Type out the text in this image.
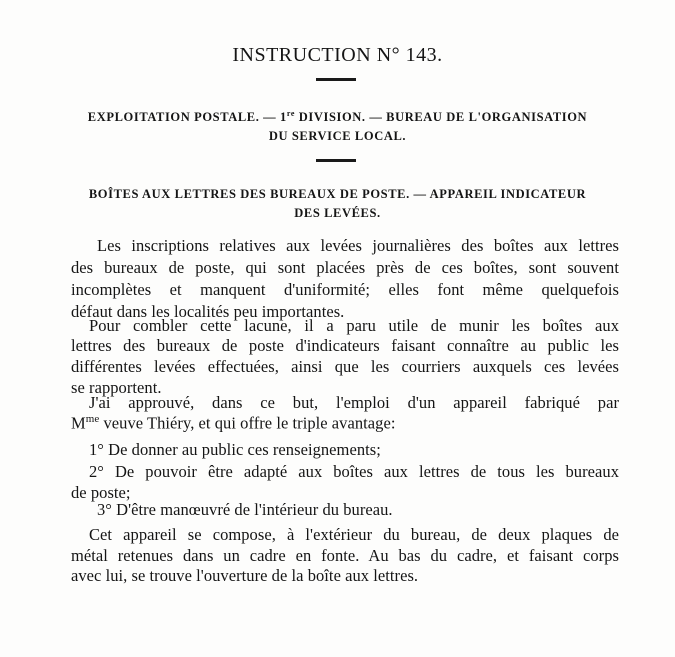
INSTRUCTION N° 143.

EXPLOITATION POSTALE. — 1re DIVISION. — BUREAU DE L'ORGANISATION

DU SERVICE LOCAL.

BOÎTES AUX LETTRES DES BUREAUX DE POSTE. — APPAREIL INDICATEUR

DES LEVÉES.

Les inscriptions relatives aux levées journalières des boîtes aux lettres

des bureaux de poste, qui sont placées près de ces boîtes, sont souvent

incomplètes et manquent d'uniformité; elles font même quelquefois

défaut dans les localités peu importantes.

Pour combler cette lacune, il a paru utile de munir les boîtes aux

lettres des bureaux de poste d'indicateurs faisant connaître au public les

différentes levées effectuées, ainsi que les courriers auxquels ces levées

se rapportent.

J'ai approuvé, dans ce but, l'emploi d'un appareil fabriqué par

$M^{me}$ veuve Thiéry, et qui offre le triple avantage:

1° De donner au public ces renseignements;

2° De pouvoir être adapté aux boîtes aux lettres de tous les bureaux

de poste;

3° D'être manœuvré de l'intérieur du bureau.

Cet appareil se compose, à l'extérieur du bureau, de deux plaques de

métal retenues dans un cadre en fonte. Au bas du cadre, et faisant corps

avec lui, se trouve l'ouverture de la boîte aux lettres.
